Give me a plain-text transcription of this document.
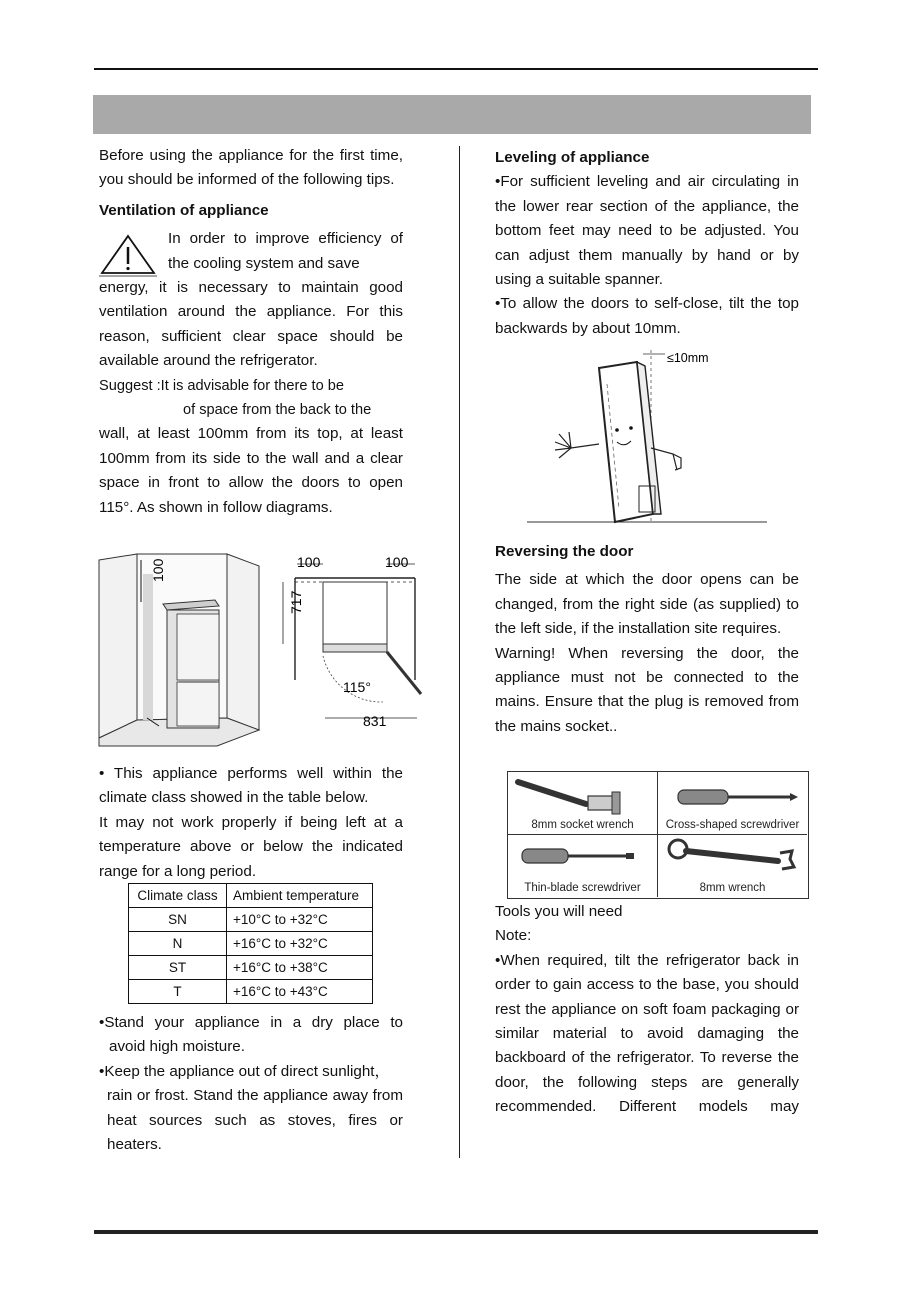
Before using the appliance for the first time, you should be informed of the following tips.

Ventilation of appliance

In order to improve efficiency of the cooling system and save

energy, it is necessary to maintain good ventilation around the appliance. For this reason, sufficient clear space should be available around the refrigerator.

Suggest :It is advisable for there to be

of space from the back to the

wall, at least 100mm from its top, at least 100mm from its side to the wall and a clear space in front to allow the doors to open 115°. As shown in follow diagrams.

100	100	100
717
115°
831

• This appliance performs well within the climate class showed in the table below.

It may not work properly if being left at a temperature above or below the indicated range for a long period.

Climate class	Ambient temperature
SN	+10°C to +32°C
N	+16°C to +32°C
ST	+16°C to +38°C
T	+16°C to +43°C

•Stand your appliance in a dry place to

avoid high moisture.

•Keep the appliance out of direct sunlight，

rain or frost. Stand the appliance away from heat sources such as stoves, fires or heaters.

Leveling of appliance

•For sufficient leveling and air circulating in the lower rear section of the appliance, the bottom feet may need to be adjusted. You can adjust them manually by hand or by using a suitable spanner.

•To allow the doors to self-close, tilt the top backwards by about 10mm.

≤10mm

Reversing the door

The side at which the door opens can be changed, from the right side (as supplied) to the left side, if the installation site requires.

Warning! When reversing the door, the appliance must not be connected to the mains. Ensure that the plug is removed from the mains socket..

8mm socket wrench	Cross-shaped screwdriver
Thin-blade screwdriver	8mm wrench

Tools you will need

Note:

•When required, tilt the refrigerator back in order to gain access to the base, you should rest the appliance on soft foam packaging or similar material to avoid damaging the backboard of the refrigerator. To reverse the door, the following steps are generally recommended. Different models may
